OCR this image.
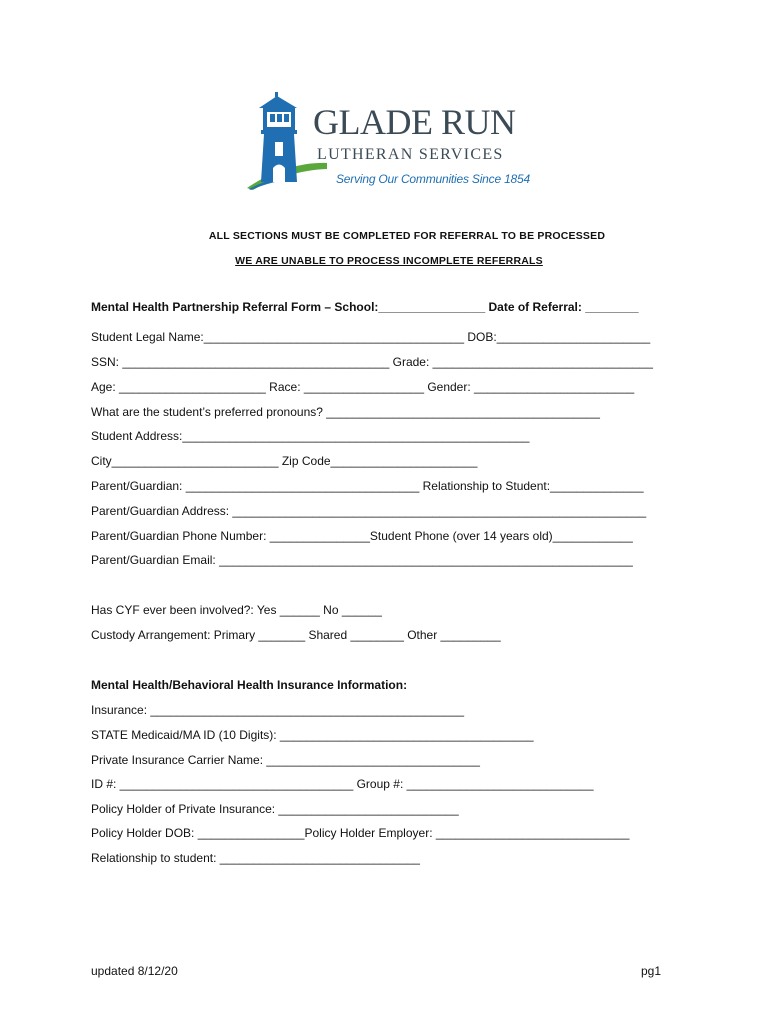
GLADE RUN
LUTHERAN SERVICES
Serving Our Communities Since 1854
ALL SECTIONS MUST BE COMPLETED FOR REFERRAL TO BE PROCESSED
WE ARE UNABLE TO PROCESS INCOMPLETE REFERRALS
Mental Health Partnership Referral Form – School:________________ Date of Referral: ________
Student Legal Name:_______________________________________ DOB:_______________________
SSN: ________________________________________ Grade: _________________________________
Age: ______________________ Race: __________________ Gender: ________________________
What are the student’s preferred pronouns? _________________________________________
Student Address:____________________________________________________
City_________________________ Zip Code______________________
Parent/Guardian: ___________________________________ Relationship to Student:______________
Parent/Guardian Address: ______________________________________________________________
Parent/Guardian Phone Number: _______________Student Phone (over 14 years old)____________
Parent/Guardian Email: ______________________________________________________________
Has CYF ever been involved?: Yes ______ No ______
Custody Arrangement: Primary _______ Shared ________ Other _________
Mental Health/Behavioral Health Insurance Information:
Insurance: _______________________________________________
STATE Medicaid/MA ID (10 Digits): ______________________________________
Private Insurance Carrier Name: ________________________________
ID #: ___________________________________ Group #: ____________________________
Policy Holder of Private Insurance: ___________________________
Policy Holder DOB: ________________Policy Holder Employer: _____________________________
Relationship to student: ______________________________
updated 8/12/20	pg1
